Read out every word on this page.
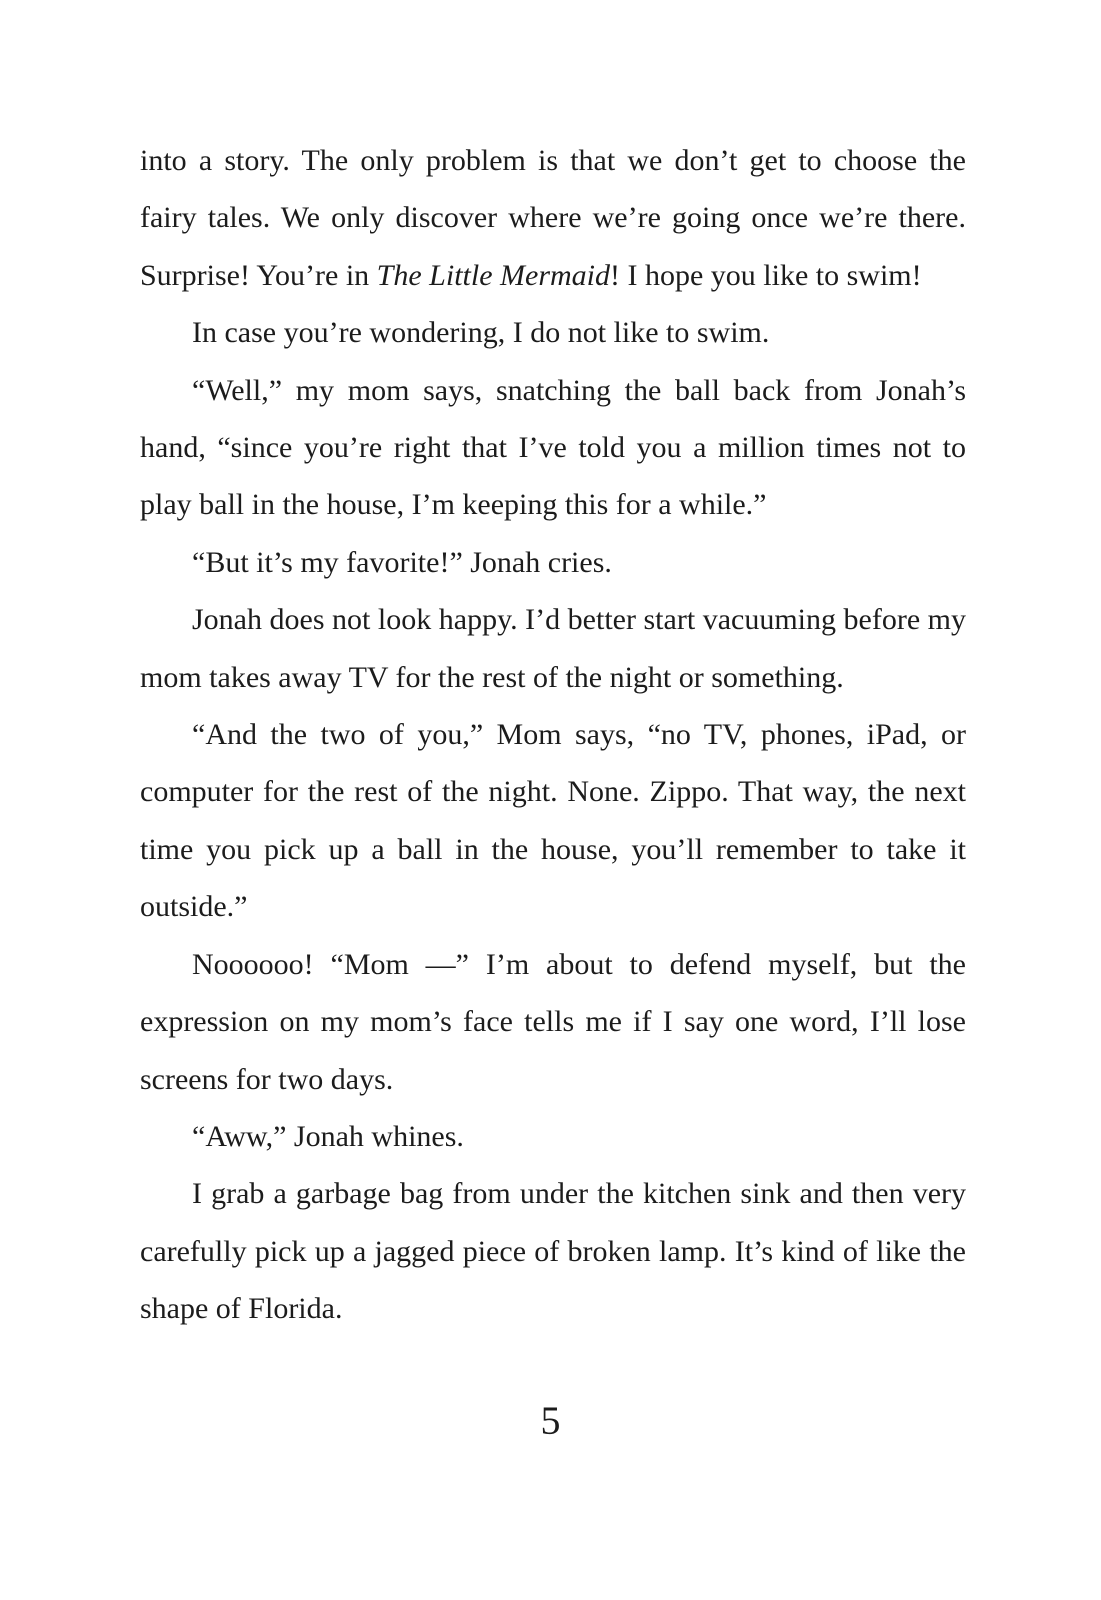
into a story. The only problem is that we don’t get to choose the fairy tales. We only discover where we’re going once we’re there. Surprise! You’re in The Little Mermaid! I hope you like to swim!

In case you’re wondering, I do not like to swim.

“Well,” my mom says, snatching the ball back from Jonah’s hand, “since you’re right that I’ve told you a million times not to play ball in the house, I’m keeping this for a while.”

“But it’s my favorite!” Jonah cries.

Jonah does not look happy. I’d better start vacuuming before my mom takes away TV for the rest of the night or something.

“And the two of you,” Mom says, “no TV, phones, iPad, or computer for the rest of the night. None. Zippo. That way, the next time you pick up a ball in the house, you’ll remember to take it outside.”

Noooooo! “Mom —” I’m about to defend myself, but the expression on my mom’s face tells me if I say one word, I’ll lose screens for two days.

“Aww,” Jonah whines.

I grab a garbage bag from under the kitchen sink and then very carefully pick up a jagged piece of broken lamp. It’s kind of like the shape of Florida.

5
